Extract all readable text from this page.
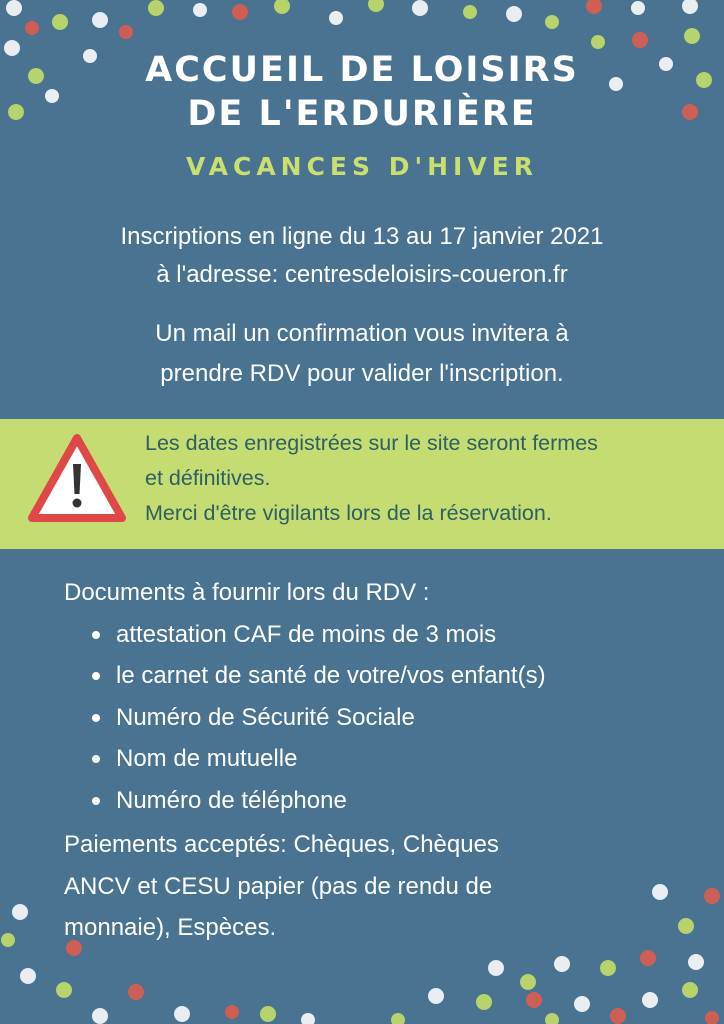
ACCUEIL DE LOISIRS
DE L'ERDURIÈRE
VACANCES D'HIVER
Inscriptions en ligne du 13 au 17 janvier 2021
à l'adresse: centresdeloisirs-coueron.fr
Un mail un confirmation vous invitera à
prendre RDV pour valider l'inscription.

Les dates enregistrées sur le site seront fermes

et définitives.

Merci d'être vigilants lors de la réservation.

Documents à fournir lors du RDV :

attestation CAF de moins de 3 mois
le carnet de santé de votre/vos enfant(s)
Numéro de Sécurité Sociale
Nom de mutuelle
Numéro de téléphone
Paiements acceptés: Chèques, Chèques
ANCV et CESU papier (pas de rendu de
monnaie), Espèces.
